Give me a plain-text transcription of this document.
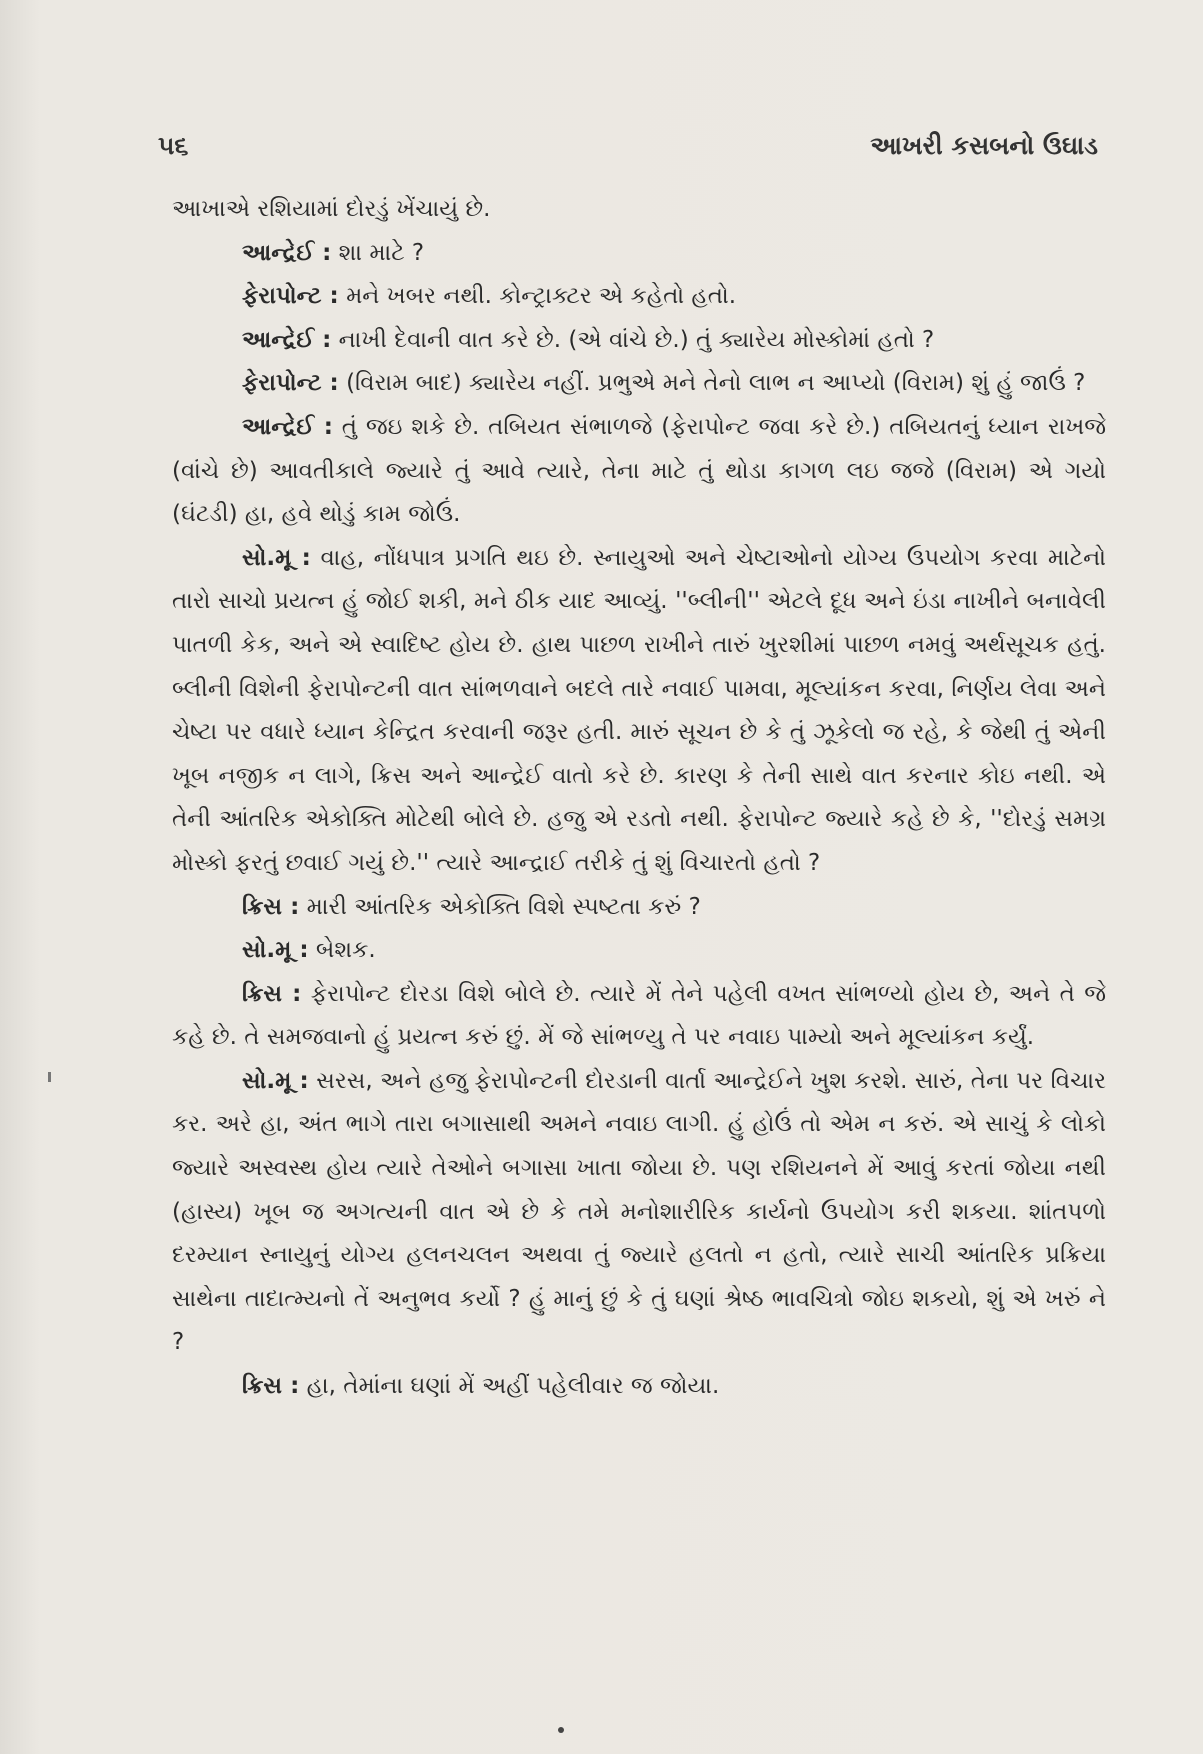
૫૬	આખરી કસબનો ઉઘાડ

આખાએ રશિયામાં દોરડું ખેંચાયું છે.

આન્દ્રેઈ : શા માટે ?

ફેરાપોન્ટ : મને ખબર નથી. કોન્ટ્રાક્ટર એ કહેતો હતો.

આન્દ્રેઈ : નાખી દેવાની વાત કરે છે. (એ વાંચે છે.) તું ક્યારેય મોસ્કોમાં હતો ?

ફેરાપોન્ટ : (વિરામ બાદ) ક્યારેય નહીં. પ્રભુએ મને તેનો લાભ ન આપ્યો (વિરામ) શું હું જાઉં ?

આન્દ્રેઈ : તું જઇ શકે છે. તબિયત સંભાળજે (ફેરાપોન્ટ જવા કરે છે.) તબિયતનું ધ્યાન રાખજે (વાંચે છે) આવતીકાલે જ્યારે તું આવે ત્યારે, તેના માટે તું થોડા કાગળ લઇ જજે (વિરામ) એ ગયો (ઘંટડી) હા, હવે થોડું કામ જોઉં.

સો.મૂ : વાહ, નોંધપાત્ર પ્રગતિ થઇ છે. સ્નાયુઓ અને ચેષ્ટાઓનો યોગ્ય ઉપયોગ કરવા માટેનો તારો સાચો પ્રયત્ન હું જોઈ શકી, મને ઠીક યાદ આવ્યું. ''બ્લીની'' એટલે દૂધ અને ઇંડા નાખીને બનાવેલી પાતળી કેક, અને એ સ્વાદિષ્ટ હોય છે. હાથ પાછળ રાખીને તારું ખુરશીમાં પાછળ નમવું અર્થસૂચક હતું. બ્લીની વિશેની ફેરાપોન્ટની વાત સાંભળવાને બદલે તારે નવાઈ પામવા, મૂલ્યાંકન કરવા, નિર્ણય લેવા અને ચેષ્ટા પર વધારે ધ્યાન કેન્દ્રિત કરવાની જરૂર હતી. મારું સૂચન છે કે તું ઝૂકેલો જ રહે, કે જેથી તું એની ખૂબ નજીક ન લાગે, ક્રિસ અને આન્દ્રેઈ વાતો કરે છે. કારણ કે તેની સાથે વાત કરનાર કોઇ નથી. એ તેની આંતરિક એકોક્તિ મોટેથી બોલે છે. હજુ એ રડતો નથી. ફેરાપોન્ટ જ્યારે કહે છે કે, ''દોરડું સમગ્ર મોસ્કો ફરતું છવાઈ ગયું છે.'' ત્યારે આન્દ્રાઈ તરીકે તું શું વિચારતો હતો ?

ક્રિસ : મારી આંતરિક એકોક્તિ વિશે સ્પષ્ટતા કરું ?

સો.મૂ : બેશક.

ક્રિસ : ફેરાપોન્ટ દોરડા વિશે બોલે છે. ત્યારે મેં તેને પહેલી વખત સાંભળ્યો હોય છે, અને તે જે કહે છે. તે સમજવાનો હું પ્રયત્ન કરું છું. મેં જે સાંભળ્યુ તે પર નવાઇ પામ્યો અને મૂલ્યાંકન કર્યું.

સો.મૂ : સરસ, અને હજુ ફેરાપોન્ટની દોરડાની વાર્તા આન્દ્રેઈને ખુશ કરશે. સારું, તેના પર વિચાર કર. અરે હા, અંત ભાગે તારા બગાસાથી અમને નવાઇ લાગી. હું હોઉં તો એમ ન કરું. એ સાચું કે લોકો જ્યારે અસ્વસ્થ હોય ત્યારે તેઓને બગાસા ખાતા જોયા છે. પણ રશિયનને મેં આવું કરતાં જોયા નથી (હાસ્ય) ખૂબ જ અગત્યની વાત એ છે કે તમે મનોશારીરિક કાર્યનો ઉપયોગ કરી શકયા. શાંતપળો દરમ્યાન સ્નાયુનું યોગ્ય હલનચલન અથવા તું જ્યારે હલતો ન હતો, ત્યારે સાચી આંતરિક પ્રક્રિયા સાથેના તાદાત્મ્યનો તેં અનુભવ કર્યો ? હું માનું છું કે તું ઘણાં શ્રેષ્ઠ ભાવચિત્રો જોઇ શકયો, શું એ ખરું ને ?

ક્રિસ : હા, તેમાંના ઘણાં મેં અહીં પહેલીવાર જ જોયા.
